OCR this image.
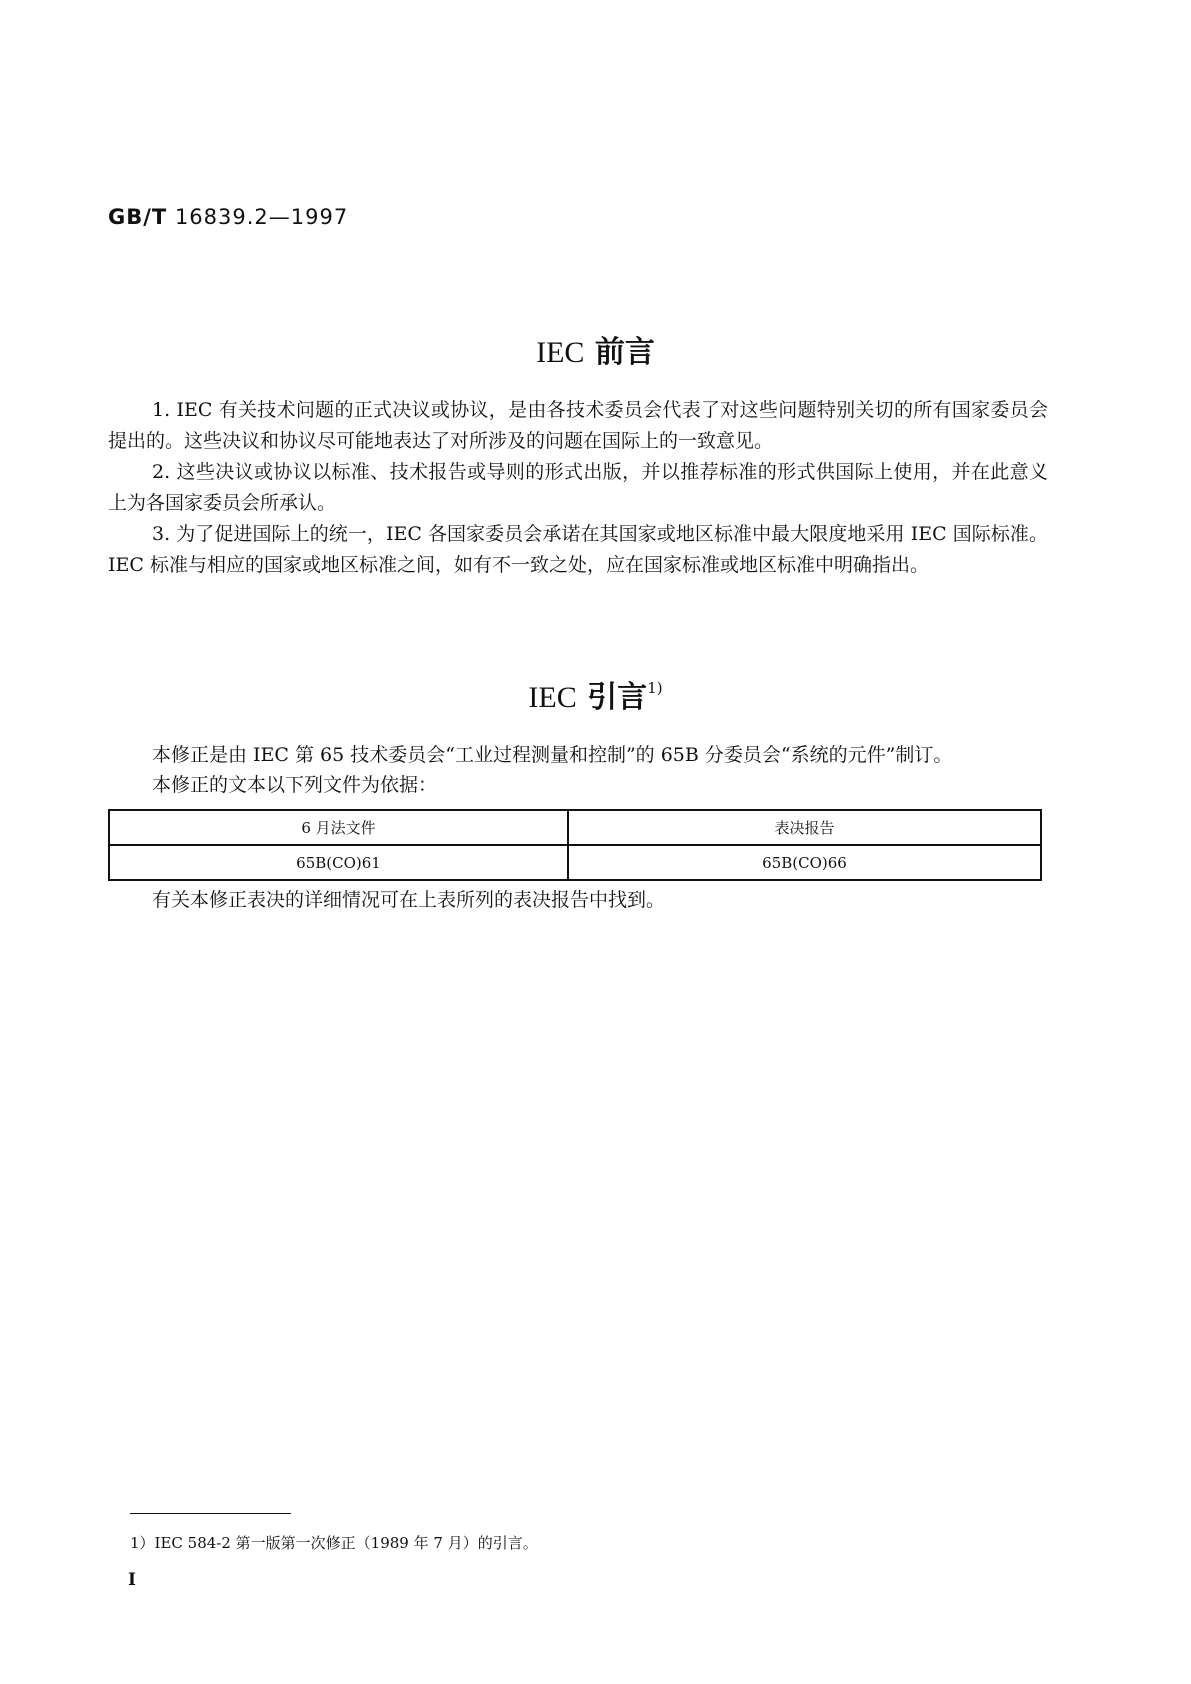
GB/T 16839.2—1997
IEC 前言

1. IEC 有关技术问题的正式决议或协议，是由各技术委员会代表了对这些问题特别关切的所有国家委员会提出的。这些决议和协议尽可能地表达了对所涉及的问题在国际上的一致意见。

2. 这些决议或协议以标准、技术报告或导则的形式出版，并以推荐标准的形式供国际上使用，并在此意义上为各国家委员会所承认。

3. 为了促进国际上的统一，IEC 各国家委员会承诺在其国家或地区标准中最大限度地采用 IEC 国际标准。IEC 标准与相应的国家或地区标准之间，如有不一致之处，应在国家标准或地区标准中明确指出。

IEC 引言$^{1)}$

本修正是由 IEC 第 65 技术委员会“工业过程测量和控制”的 65B 分委员会“系统的元件”制订。

本修正的文本以下列文件为依据：

6 月法文件	表决报告
65B(CO)61	65B(CO)66

有关本修正表决的详细情况可在上表所列的表决报告中找到。

1）IEC 584-2 第一版第一次修正（1989 年 7 月）的引言。

I
